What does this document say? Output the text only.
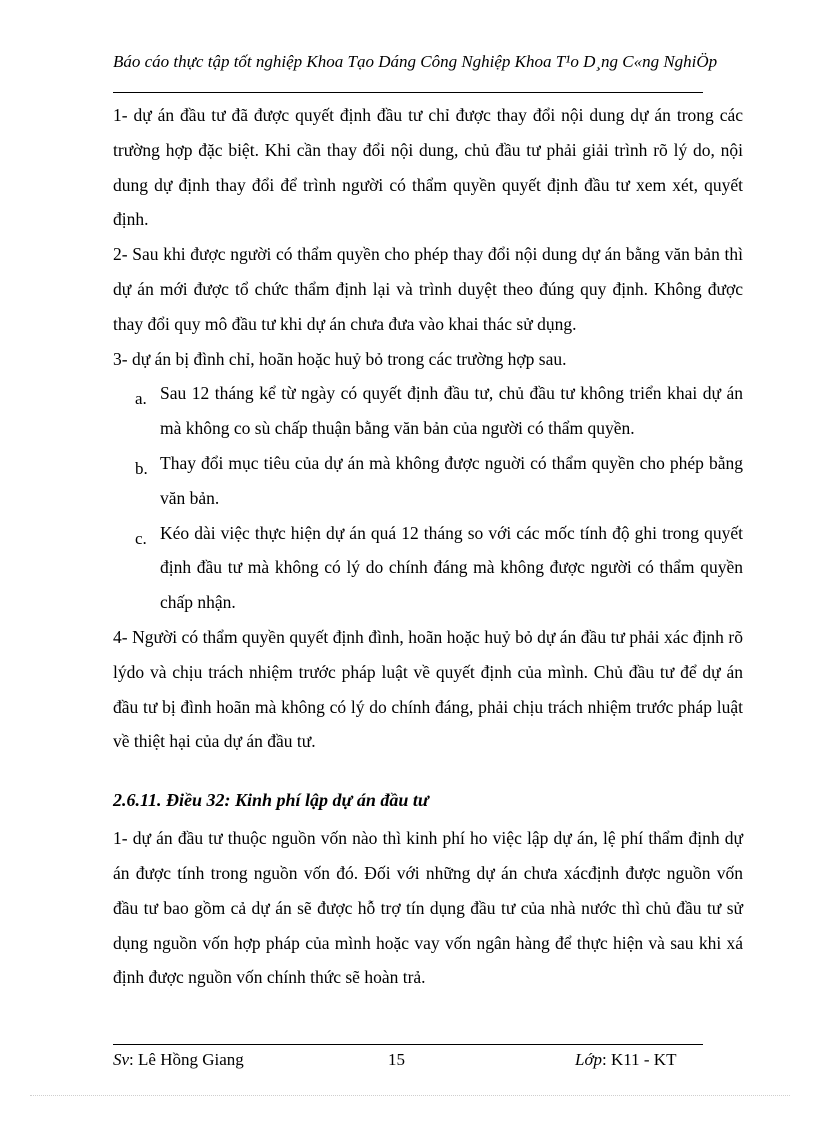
Báo cáo thực tập tốt nghiệp Khoa Tạo Dáng Công Nghiệp Khoa T¹o D¸ng C«ng NghiÖp

1- dự án đầu tư đã được quyết định đầu tư chỉ được thay đổi nội dung dự án trong các trường hợp đặc biệt. Khi cần thay đổi nội dung, chủ đầu tư phải giải trình rõ lý do, nội dung dự định thay đổi để trình người có thẩm quyền quyết định đầu tư xem xét, quyết định.

2- Sau khi được người có thẩm quyền cho phép thay đổi nội dung dự án bằng văn bản thì dự án mới được tổ chức thẩm định lại và trình duyệt theo đúng quy định. Không được thay đổi quy mô đầu tư khi dự án chưa đưa vào khai thác sử dụng.

3- dự án bị đình chỉ, hoãn hoặc huỷ bỏ trong các trường hợp sau.

a. Sau 12 tháng kể từ ngày có quyết định đầu tư, chủ đầu tư không triển khai dự án mà không co sù chấp thuận bằng văn bản của người có thẩm quyền.
b. Thay đổi mục tiêu của dự án mà không được nguời có thẩm quyền cho phép bằng văn bản.
c. Kéo dài việc thực hiện dự án quá 12 tháng so với các mốc tính độ ghi trong quyết định đầu tư mà không có lý do chính đáng mà không được người có thẩm quyền chấp nhận.

4- Người có thẩm quyền quyết định đình, hoãn hoặc huỷ bỏ dự án đầu tư phải xác định rõ lýdo và chịu trách nhiệm trước pháp luật về quyết định của mình. Chủ đầu tư để dự án đầu tư bị đình hoãn mà không có lý do chính đáng, phải chịu trách nhiệm trước pháp luật về thiệt hại của dự án đầu tư.

2.6.11. Điều 32: Kinh phí lập dự án đầu tư

1- dự án đầu tư thuộc nguồn vốn nào thì kinh phí ho việc lập dự án, lệ phí thẩm định dự án được tính trong nguồn vốn đó. Đối với những dự án chưa xácđịnh được nguồn vốn đầu tư bao gồm cả dự án sẽ được hỗ trợ tín dụng đầu tư của nhà nước thì chủ đầu tư sử dụng nguồn vốn hợp pháp của mình hoặc vay vốn ngân hàng để thực hiện và sau khi xá định được nguồn vốn chính thức sẽ hoàn trả.

Sv: Lê Hồng Giang	15	Lớp: K11 - KT
